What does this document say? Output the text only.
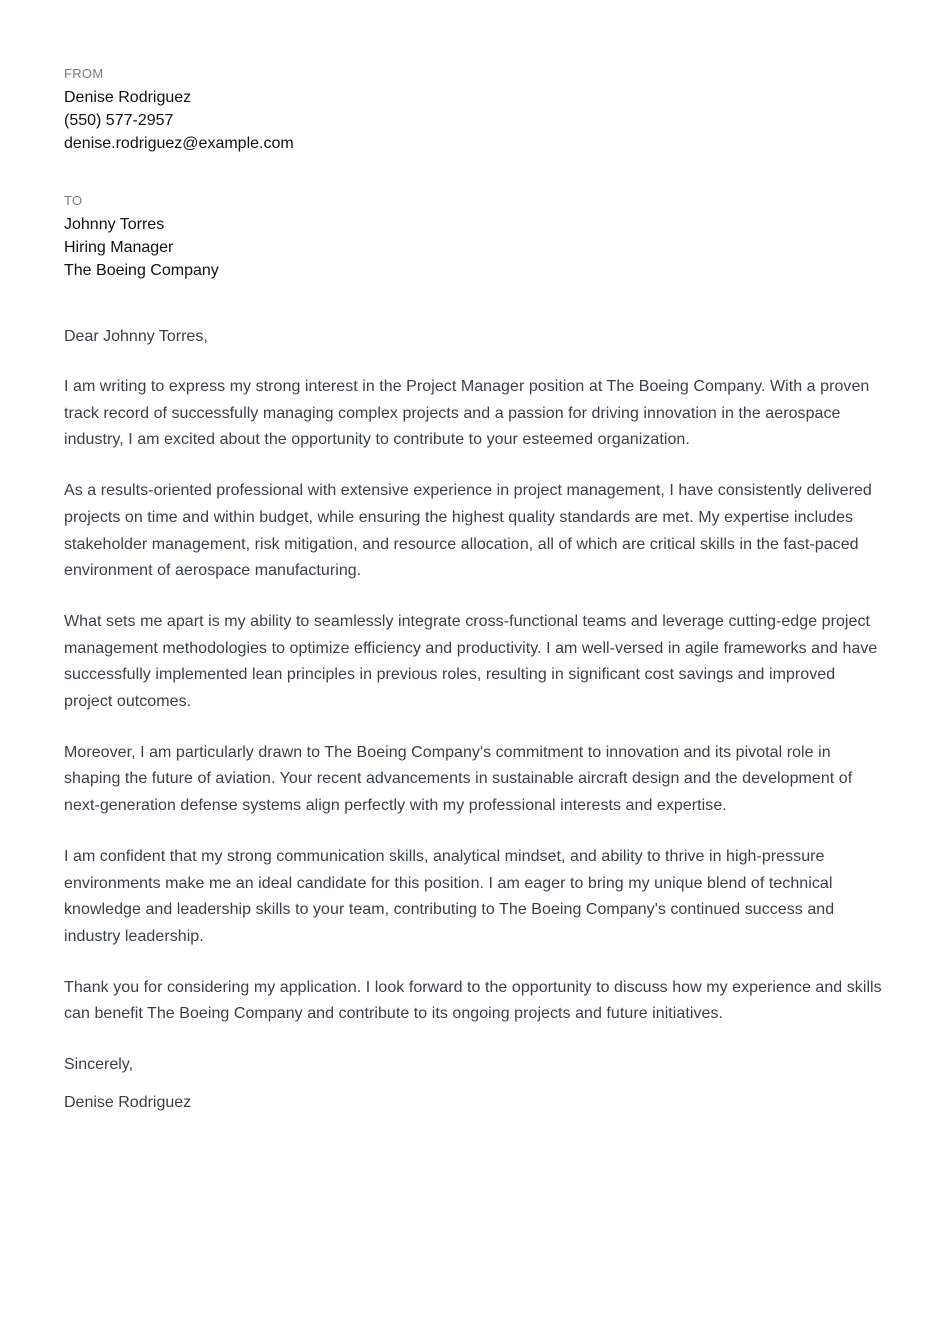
FROM
Denise Rodriguez
(550) 577-2957
denise.rodriguez@example.com
TO
Johnny Torres
Hiring Manager
The Boeing Company
Dear Johnny Torres,

I am writing to express my strong interest in the Project Manager position at The Boeing Company. With a proven track record of successfully managing complex projects and a passion for driving innovation in the aerospace industry, I am excited about the opportunity to contribute to your esteemed organization.

As a results-oriented professional with extensive experience in project management, I have consistently delivered projects on time and within budget, while ensuring the highest quality standards are met. My expertise includes stakeholder management, risk mitigation, and resource allocation, all of which are critical skills in the fast-paced environment of aerospace manufacturing.

What sets me apart is my ability to seamlessly integrate cross-functional teams and leverage cutting-edge project management methodologies to optimize efficiency and productivity. I am well-versed in agile frameworks and have successfully implemented lean principles in previous roles, resulting in significant cost savings and improved project outcomes.

Moreover, I am particularly drawn to The Boeing Company's commitment to innovation and its pivotal role in shaping the future of aviation. Your recent advancements in sustainable aircraft design and the development of next-generation defense systems align perfectly with my professional interests and expertise.

I am confident that my strong communication skills, analytical mindset, and ability to thrive in high-pressure environments make me an ideal candidate for this position. I am eager to bring my unique blend of technical knowledge and leadership skills to your team, contributing to The Boeing Company's continued success and industry leadership.

Thank you for considering my application. I look forward to the opportunity to discuss how my experience and skills can benefit The Boeing Company and contribute to its ongoing projects and future initiatives.

Sincerely,
Denise Rodriguez
